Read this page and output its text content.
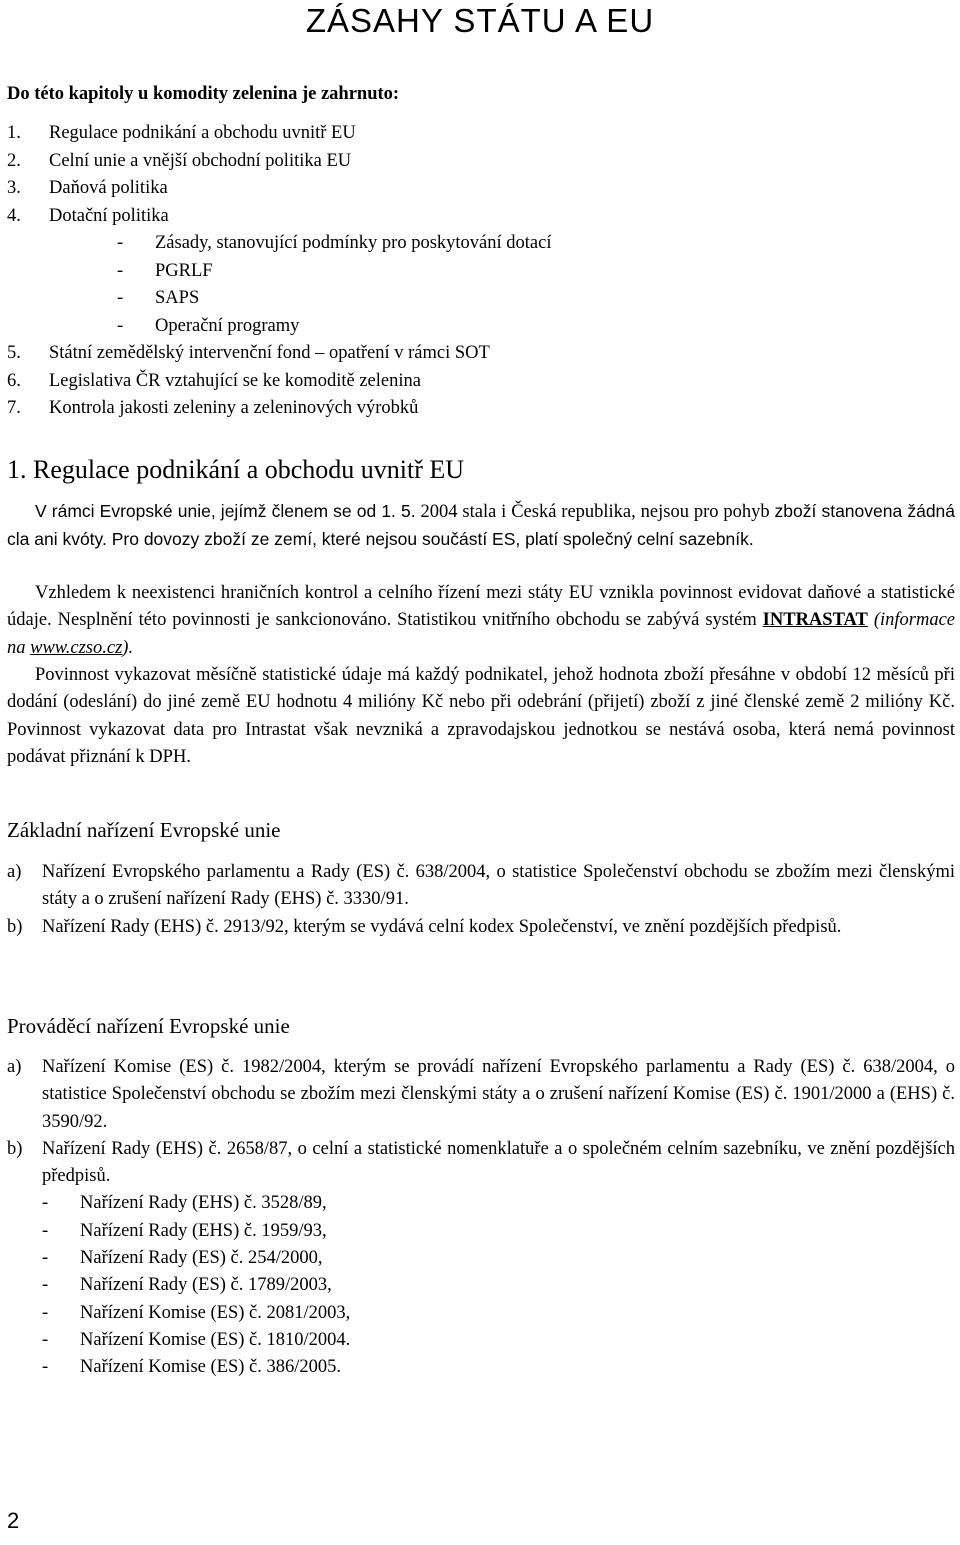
ZÁSAHY STÁTU A EU
Do této kapitoly u komodity zelenina je zahrnuto:
1. Regulace podnikání a obchodu uvnitř EU
2. Celní unie a vnější obchodní politika EU
3. Daňová politika
4. Dotační politika
- Zásady, stanovující podmínky pro poskytování dotací
- PGRLF
- SAPS
- Operační programy
5. Státní zemědělský intervenční fond – opatření v rámci SOT
6. Legislativa ČR vztahující se ke komoditě zelenina
7. Kontrola jakosti zeleniny a zeleninových výrobků
1. Regulace podnikání a obchodu uvnitř EU

V rámci Evropské unie, jejímž členem se od 1. 5. 2004 stala i Česká republika, nejsou pro pohyb zboží stanovena žádná cla ani kvóty. Pro dovozy zboží ze zemí, které nejsou součástí ES, platí společný celní sazebník.

Vzhledem k neexistenci hraničních kontrol a celního řízení mezi státy EU vznikla povinnost evidovat daňové a statistické údaje. Nesplnění této povinnosti je sankcionováno. Statistikou vnitřního obchodu se zabývá systém INTRASTAT (informace na www.czso.cz).

Povinnost vykazovat měsíčně statistické údaje má každý podnikatel, jehož hodnota zboží přesáhne v období 12 měsíců při dodání (odeslání) do jiné země EU hodnotu 4 milióny Kč nebo při odebrání (přijetí) zboží z jiné členské země 2 milióny Kč. Povinnost vykazovat data pro Intrastat však nevzniká a zpravodajskou jednotkou se nestává osoba, která nemá povinnost podávat přiznání k DPH.

Základní nařízení Evropské unie
a) Nařízení Evropského parlamentu a Rady (ES) č. 638/2004, o statistice Společenství obchodu se zbožím mezi členskými státy a o zrušení nařízení Rady (EHS) č. 3330/91.
b) Nařízení Rady (EHS) č. 2913/92, kterým se vydává celní kodex Společenství, ve znění pozdějších předpisů.
Prováděcí nařízení Evropské unie
a) Nařízení Komise (ES) č. 1982/2004, kterým se provádí nařízení Evropského parlamentu a Rady (ES) č. 638/2004, o statistice Společenství obchodu se zbožím mezi členskými státy a o zrušení nařízení Komise (ES) č. 1901/2000 a (EHS) č. 3590/92.
b) Nařízení Rady (EHS) č. 2658/87, o celní a statistické nomenklatuře a o společném celním sazebníku, ve znění pozdějších předpisů.
- Nařízení Rady (EHS) č. 3528/89,
- Nařízení Rady (EHS) č. 1959/93,
- Nařízení Rady (ES) č. 254/2000,
- Nařízení Rady (ES) č. 1789/2003,
- Nařízení Komise (ES) č. 2081/2003,
- Nařízení Komise (ES) č. 1810/2004.
- Nařízení Komise (ES) č. 386/2005.
2
